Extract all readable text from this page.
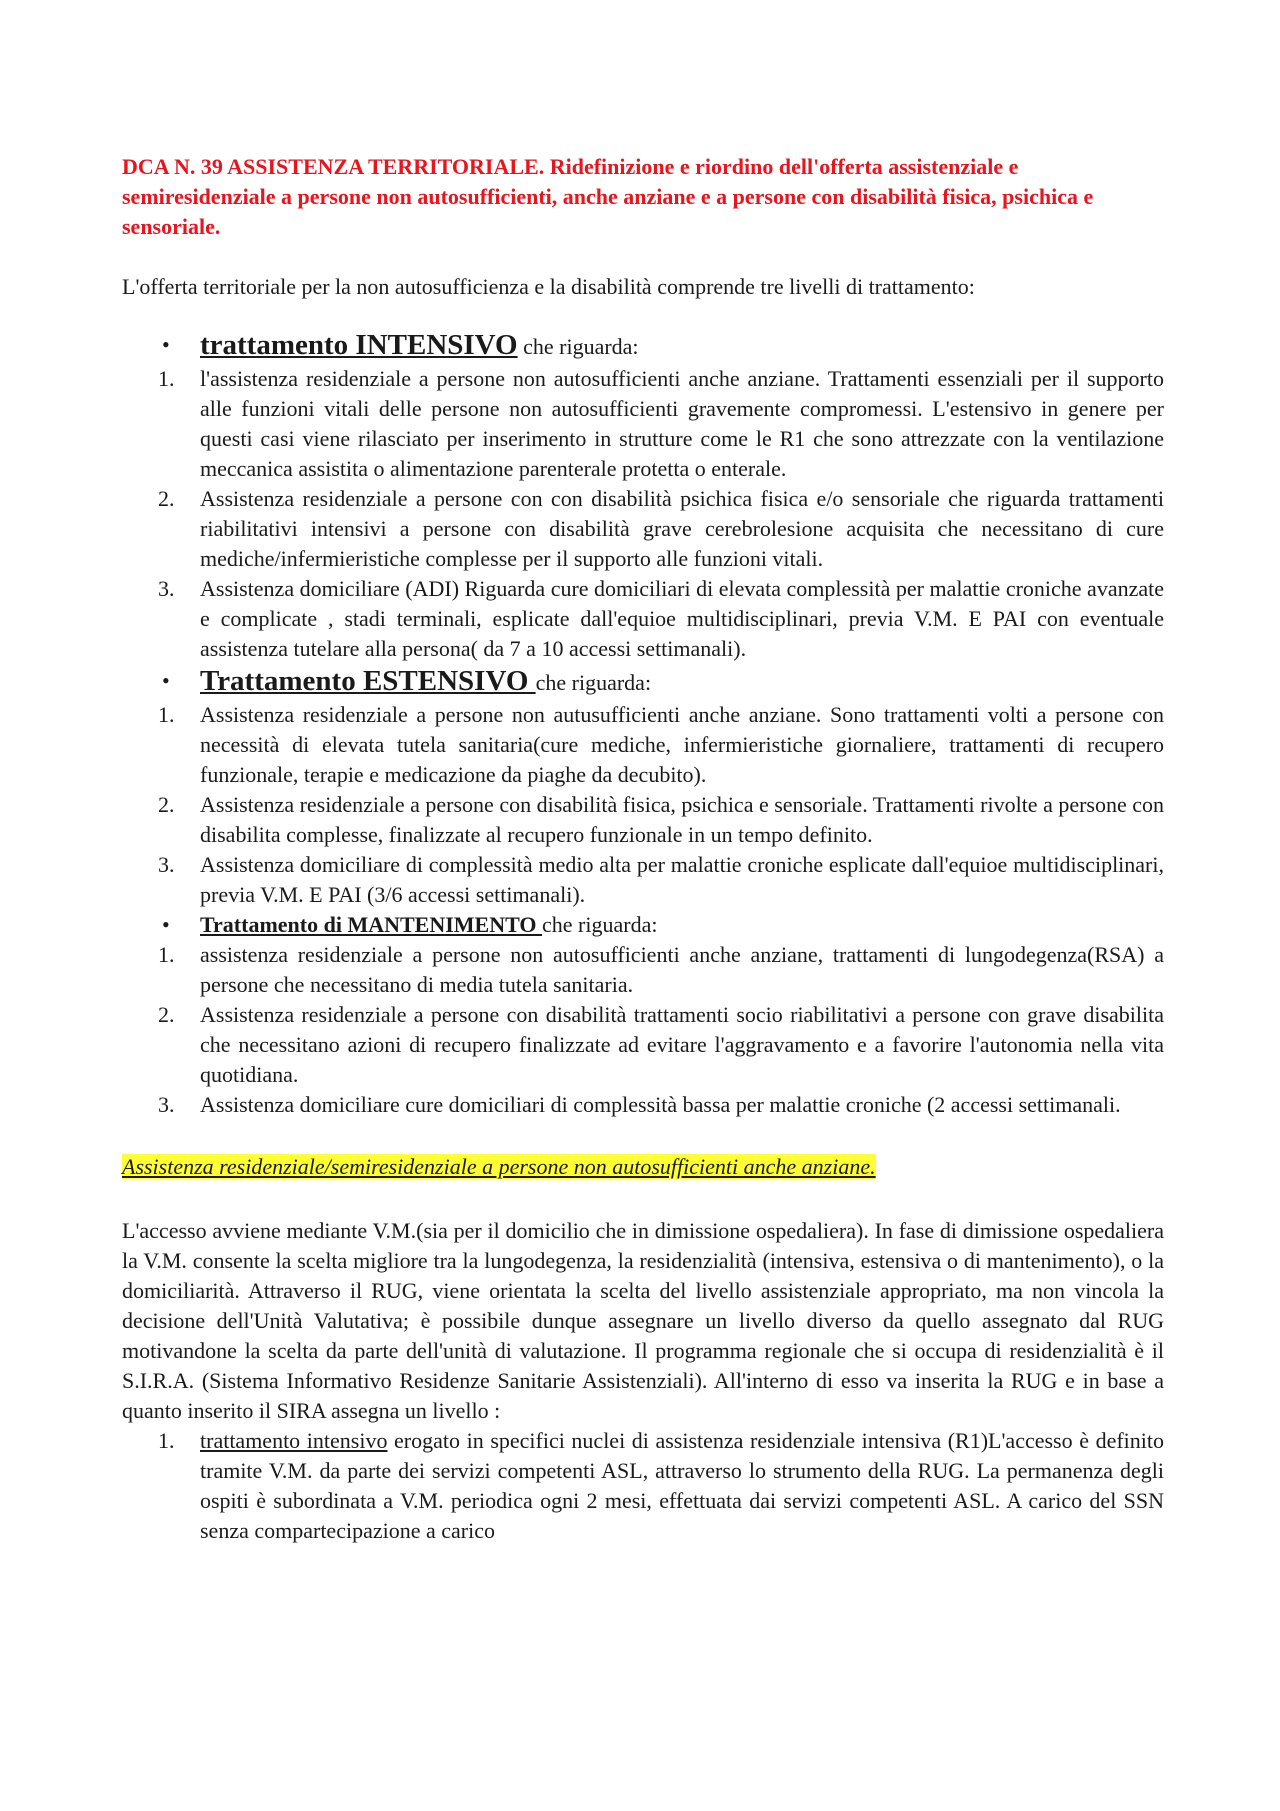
DCA N. 39 ASSISTENZA TERRITORIALE. Ridefinizione e riordino dell'offerta assistenziale e semiresidenziale a persone non autosufficienti, anche anziane e a persone con disabilità fisica, psichica e sensoriale.

L'offerta territoriale per la non autosufficienza e la disabilità comprende tre livelli di trattamento:

• trattamento INTENSIVO che riguarda:
1. l'assistenza residenziale a persone non autosufficienti anche anziane. Trattamenti essenziali per il supporto alle funzioni vitali delle persone non autosufficienti gravemente compromessi. L'estensivo in genere per questi casi viene rilasciato per inserimento in strutture come le R1 che sono attrezzate con la ventilazione meccanica assistita o alimentazione parenterale protetta o enterale.
2. Assistenza residenziale a persone con con disabilità psichica fisica e/o sensoriale che riguarda trattamenti riabilitativi intensivi a persone con disabilità grave cerebrolesione acquisita che necessitano di cure mediche/infermieristiche complesse per il supporto alle funzioni vitali.
3. Assistenza domiciliare (ADI) Riguarda cure domiciliari di elevata complessità per malattie croniche avanzate e complicate , stadi terminali, esplicate dall'equioe multidisciplinari, previa V.M. E PAI con eventuale assistenza tutelare alla persona( da 7 a 10 accessi settimanali).
• Trattamento ESTENSIVO che riguarda:
1. Assistenza residenziale a persone non autusufficienti anche anziane. Sono trattamenti volti a persone con necessità di elevata tutela sanitaria(cure mediche, infermieristiche giornaliere, trattamenti di recupero funzionale, terapie e medicazione da piaghe da decubito).
2. Assistenza residenziale a persone con disabilità fisica, psichica e sensoriale. Trattamenti rivolte a persone con disabilita complesse, finalizzate al recupero funzionale in un tempo definito.
3. Assistenza domiciliare di complessità medio alta per malattie croniche esplicate dall'equioe multidisciplinari, previa V.M. E PAI (3/6 accessi settimanali).
• Trattamento di MANTENIMENTO che riguarda:
1. assistenza residenziale a persone non autosufficienti anche anziane, trattamenti di lungodegenza(RSA) a persone che necessitano di media tutela sanitaria.
2. Assistenza residenziale a persone con disabilità trattamenti socio riabilitativi a persone con grave disabilita che necessitano azioni di recupero finalizzate ad evitare l'aggravamento e a favorire l'autonomia nella vita quotidiana.
3. Assistenza domiciliare cure domiciliari di complessità bassa per malattie croniche (2 accessi settimanali.

Assistenza residenziale/semiresidenziale a persone non autosufficienti anche anziane.

L'accesso avviene mediante V.M.(sia per il domicilio che in dimissione ospedaliera). In fase di dimissione ospedaliera la V.M. consente la scelta migliore tra la lungodegenza, la residenzialità (intensiva, estensiva o di mantenimento), o la domiciliarità. Attraverso il RUG, viene orientata la scelta del livello assistenziale appropriato, ma non vincola la decisione dell'Unità Valutativa; è possibile dunque assegnare un livello diverso da quello assegnato dal RUG motivandone la scelta da parte dell'unità di valutazione. Il programma regionale che si occupa di residenzialità è il S.I.R.A. (Sistema Informativo Residenze Sanitarie Assistenziali). All'interno di esso va inserita la RUG e in base a quanto inserito il SIRA assegna un livello :

1. trattamento intensivo erogato in specifici nuclei di assistenza residenziale intensiva (R1)L'accesso è definito tramite V.M. da parte dei servizi competenti ASL, attraverso lo strumento della RUG. La permanenza degli ospiti è subordinata a V.M. periodica ogni 2 mesi, effettuata dai servizi competenti ASL. A carico del SSN senza compartecipazione a carico
